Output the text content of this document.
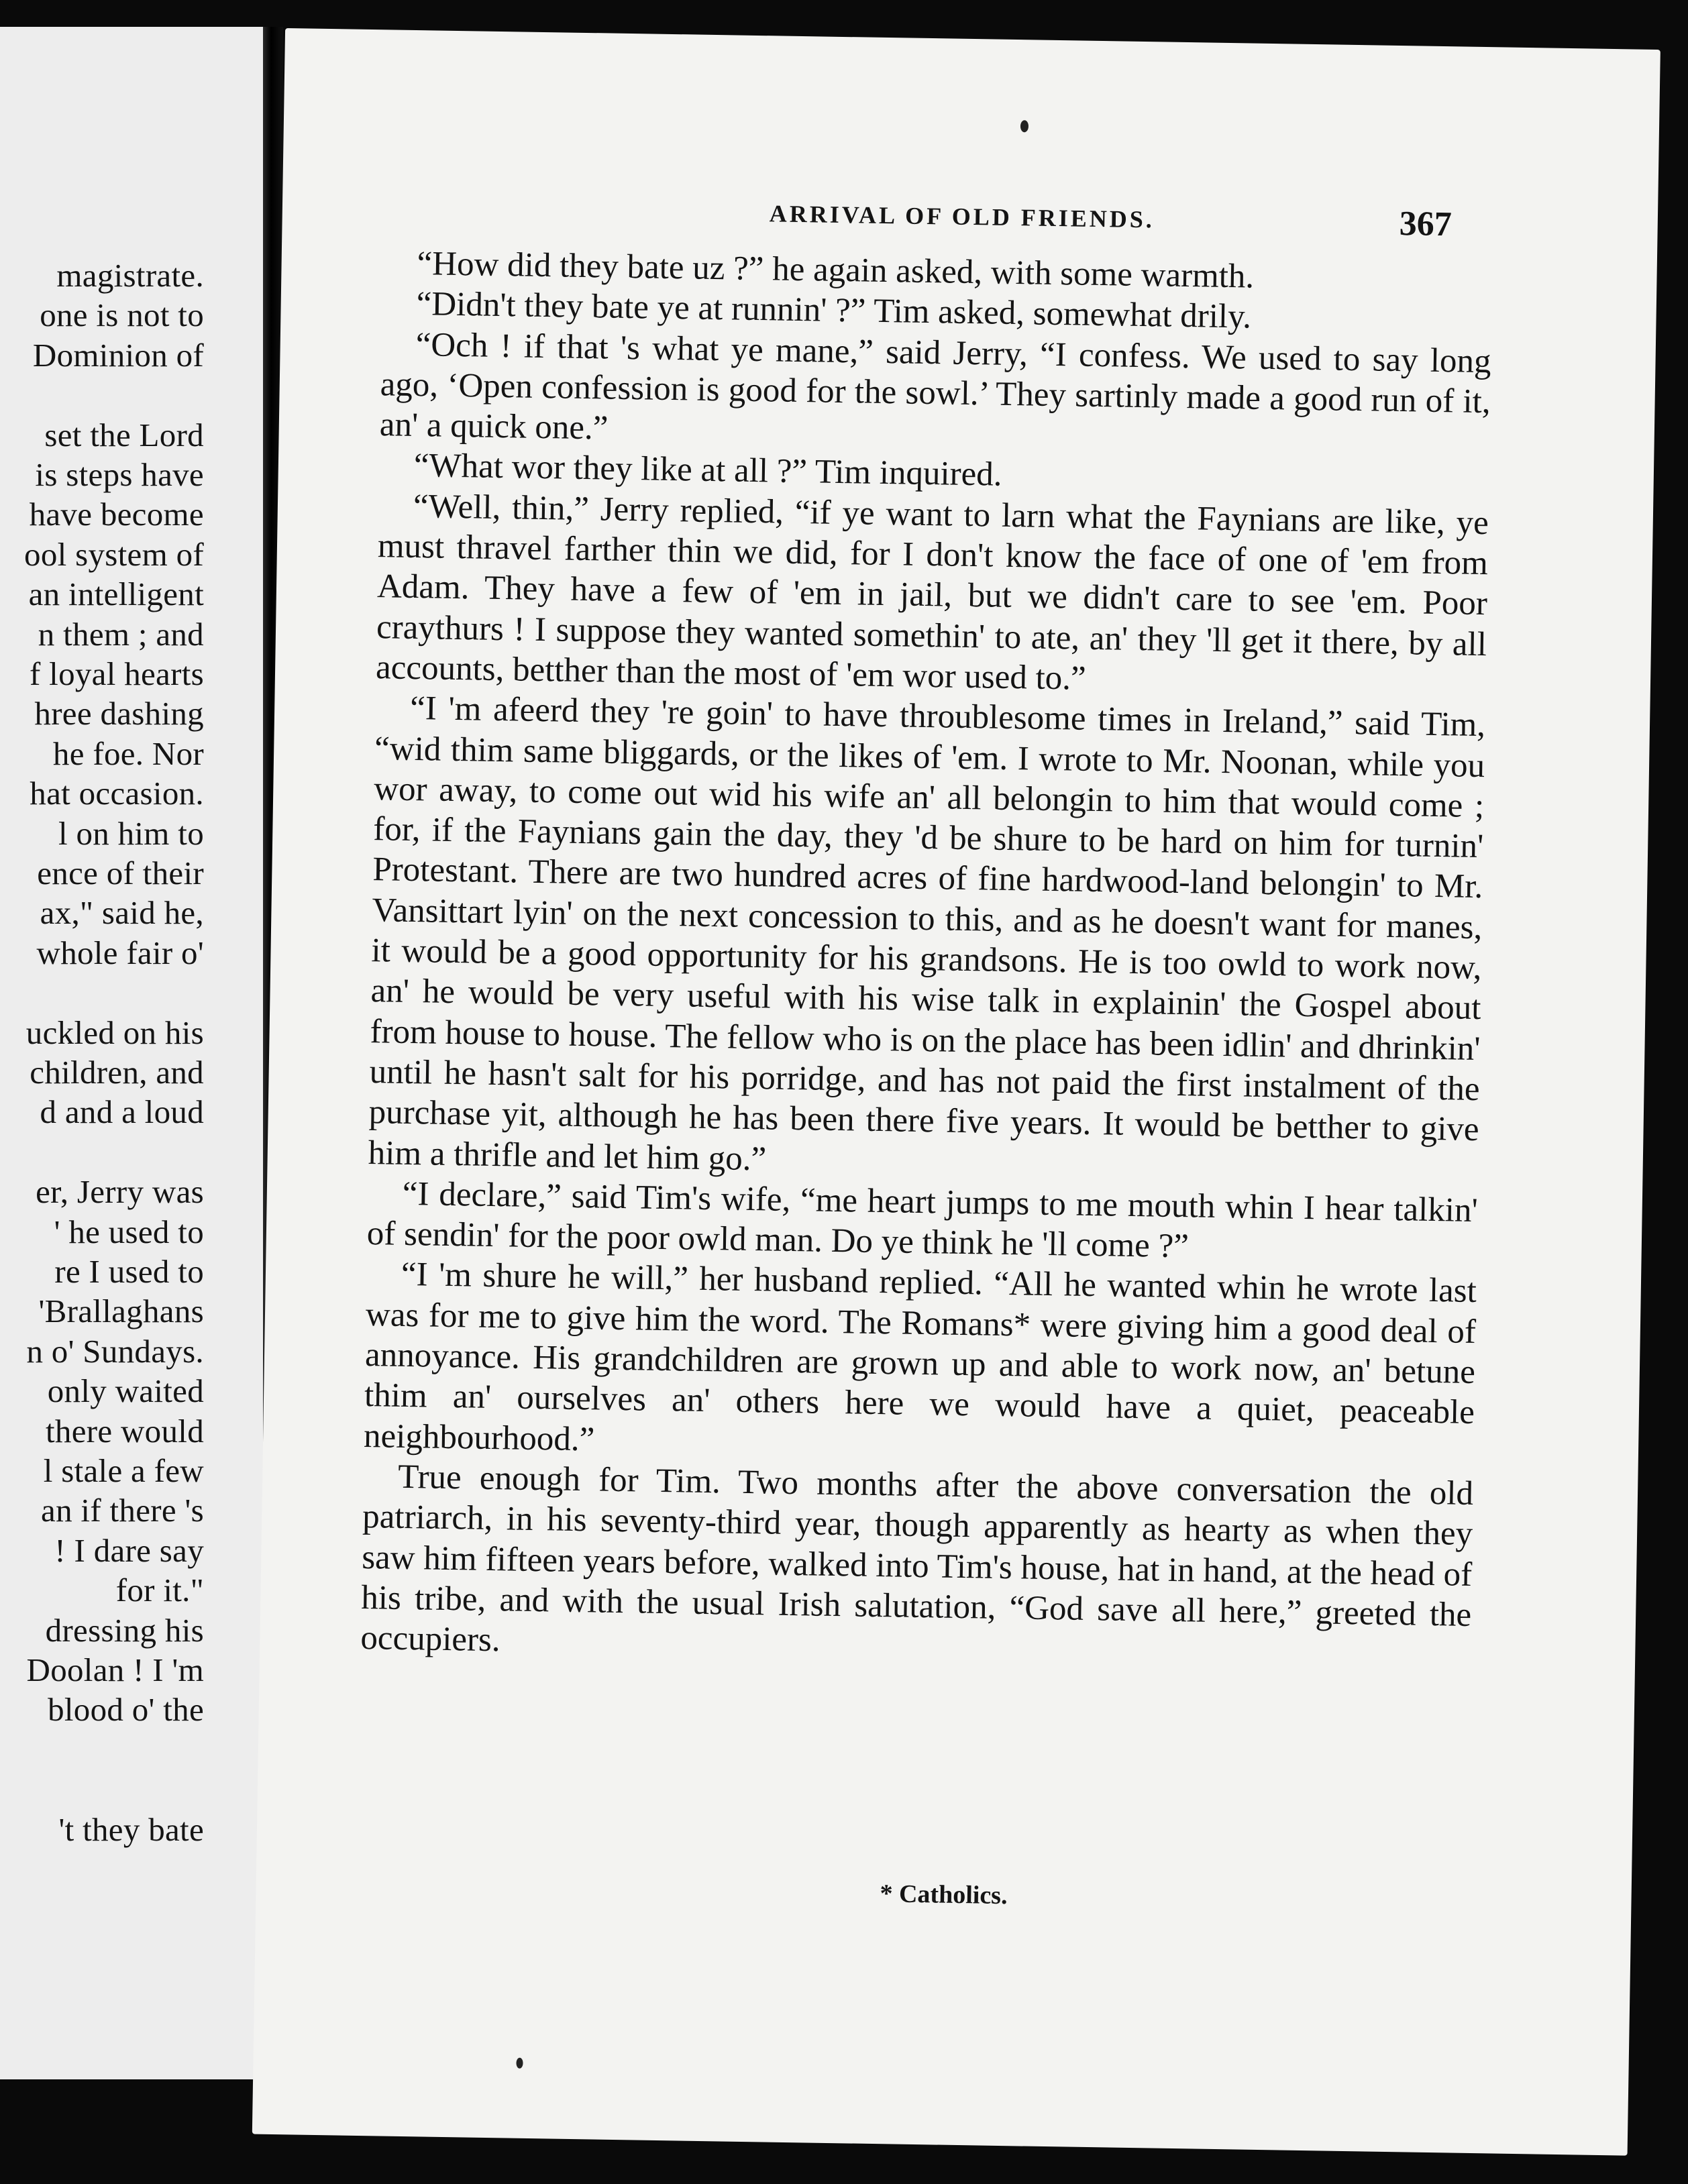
magistrate.
one is not to
Dominion of
set the Lord
is steps have
have become
ool system of
an intelligent
n them ; and
f loyal hearts
hree dashing
he foe. Nor
hat occasion.
l on him to
ence of their
ax," said he,
whole fair o'
uckled on his
children, and
d and a loud
er, Jerry was
' he used to
re I used to
'Brallaghans
n o' Sundays.
only waited
there would
l stale a few
an if there 's
! I dare say
for it."
dressing his
Doolan ! I 'm
blood o' the
't they bate
ARRIVAL OF OLD FRIENDS.	367

“How did they bate uz ?” he again asked, with some warmth.

“Didn't they bate ye at runnin' ?” Tim asked, somewhat drily.

“Och ! if that 's what ye mane,” said Jerry, “I confess. We used to say long ago, ‘Open confession is good for the sowl.’ They sartinly made a good run of it, an' a quick one.”

“What wor they like at all ?” Tim inquired.

“Well, thin,” Jerry replied, “if ye want to larn what the Faynians are like, ye must thravel farther thin we did, for I don't know the face of one of 'em from Adam. They have a few of 'em in jail, but we didn't care to see 'em. Poor craythurs ! I suppose they wanted somethin' to ate, an' they 'll get it there, by all accounts, betther than the most of 'em wor used to.”

“I 'm afeerd they 're goin' to have throublesome times in Ireland,” said Tim, “wid thim same bliggards, or the likes of 'em. I wrote to Mr. Noonan, while you wor away, to come out wid his wife an' all belongin to him that would come ; for, if the Faynians gain the day, they 'd be shure to be hard on him for turnin' Protestant. There are two hundred acres of fine hardwood-land belongin' to Mr. Vansittart lyin' on the next concession to this, and as he doesn't want for manes, it would be a good opportunity for his grandsons. He is too owld to work now, an' he would be very useful with his wise talk in explainin' the Gospel about from house to house. The fellow who is on the place has been idlin' and dhrinkin' until he hasn't salt for his porridge, and has not paid the first instalment of the purchase yit, although he has been there five years. It would be betther to give him a thrifle and let him go.”

“I declare,” said Tim's wife, “me heart jumps to me mouth whin I hear talkin' of sendin' for the poor owld man. Do ye think he 'll come ?”

“I 'm shure he will,” her husband replied. “All he wanted whin he wrote last was for me to give him the word. The Romans* were giving him a good deal of annoyance. His grandchildren are grown up and able to work now, an' betune thim an' ourselves an' others here we would have a quiet, peaceable neighbourhood.”

True enough for Tim. Two months after the above conversation the old patriarch, in his seventy-third year, though apparently as hearty as when they saw him fifteen years before, walked into Tim's house, hat in hand, at the head of his tribe, and with the usual Irish salutation, “God save all here,” greeted the occupiers.

* Catholics.
